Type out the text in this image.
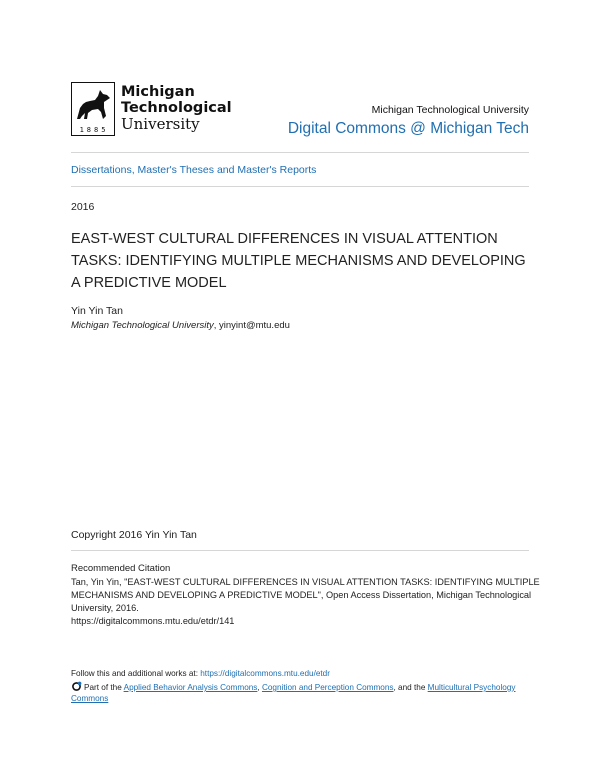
1885
Michigan
Technological
University
Michigan Technological University
Digital Commons @ Michigan Tech
Dissertations, Master's Theses and Master's Reports
2016
EAST-WEST CULTURAL DIFFERENCES IN VISUAL ATTENTION TASKS: IDENTIFYING MULTIPLE MECHANISMS AND DEVELOPING A PREDICTIVE MODEL
Yin Yin Tan
Michigan Technological University, yinyint@mtu.edu
Copyright 2016 Yin Yin Tan
Recommended Citation
Tan, Yin Yin, "EAST-WEST CULTURAL DIFFERENCES IN VISUAL ATTENTION TASKS: IDENTIFYING MULTIPLE MECHANISMS AND DEVELOPING A PREDICTIVE MODEL", Open Access Dissertation, Michigan Technological University, 2016.
https://digitalcommons.mtu.edu/etdr/141
Follow this and additional works at: https://digitalcommons.mtu.edu/etdr
Part of the Applied Behavior Analysis Commons, Cognition and Perception Commons, and the Multicultural Psychology Commons
